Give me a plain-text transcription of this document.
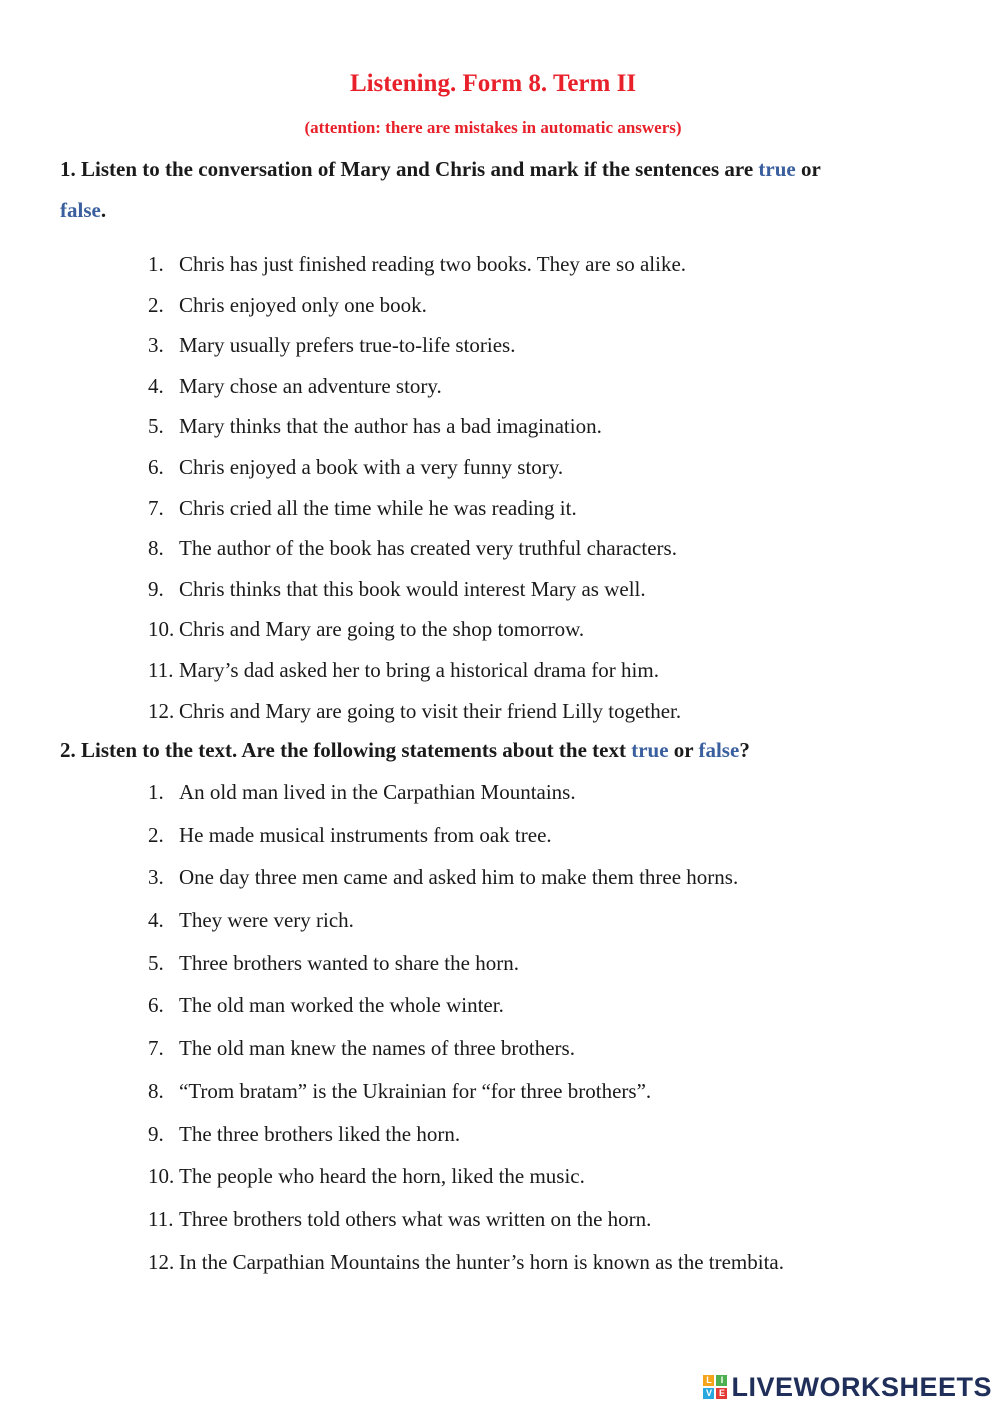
Listening. Form 8. Term II
(attention: there are mistakes in automatic answers)
1. Listen to the conversation of Mary and Chris and mark if the sentences are true or
false.
1. Chris has just finished reading two books. They are so alike.
2. Chris enjoyed only one book.
3. Mary usually prefers true-to-life stories.
4. Mary chose an adventure story.
5. Mary thinks that the author has a bad imagination.
6. Chris enjoyed a book with a very funny story.
7. Chris cried all the time while he was reading it.
8. The author of the book has created very truthful characters.
9. Chris thinks that this book would interest Mary as well.
10. Chris and Mary are going to the shop tomorrow.
11. Mary’s dad asked her to bring a historical drama for him.
12. Chris and Mary are going to visit their friend Lilly together.
2. Listen to the text. Are the following statements about the text true or false?
1. An old man lived in the Carpathian Mountains.
2. He made musical instruments from oak tree.
3. One day three men came and asked him to make them three horns.
4. They were very rich.
5. Three brothers wanted to share the horn.
6. The old man worked the whole winter.
7. The old man knew the names of three brothers.
8. “Trom bratam” is the Ukrainian for “for three brothers”.
9. The three brothers liked the horn.
10. The people who heard the horn, liked the music.
11. Three brothers told others what was written on the horn.
12. In the Carpathian Mountains the hunter’s horn is known as the trembita.
L I
V E LIVEWORKSHEETS
